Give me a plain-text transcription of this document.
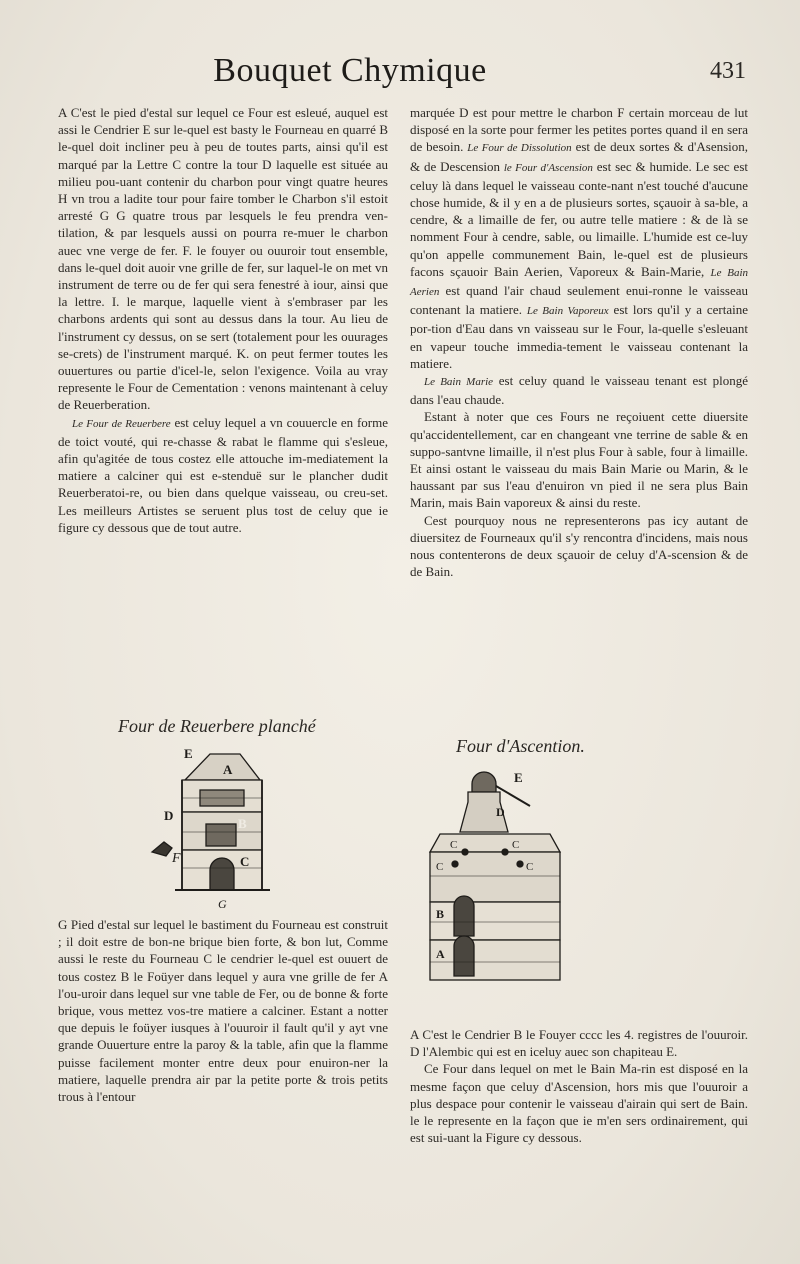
Bouquet Chymique	431

A C'est le pied d'estal sur lequel ce Four est esleué, auquel est assi le Cendrier E sur le-quel est basty le Fourneau en quarré B le-quel doit incliner peu à peu de toutes parts, ainsi qu'il est marqué par la Lettre C contre la tour D laquelle est située au milieu pou-uant contenir du charbon pour vingt quatre heures H vn trou a ladite tour pour faire tomber le Charbon s'il estoit arresté G G quatre trous par lesquels le feu prendra ven-tilation, & par lesquels aussi on pourra re-muer le charbon auec vne verge de fer. F. le fouyer ou ouuroir tout ensemble, dans le-quel doit auoir vne grille de fer, sur laquel-le on met vn instrument de terre ou de fer qui sera fenestré à iour, ainsi que la lettre. I. le marque, laquelle vient à s'embraser par les charbons ardents qui sont au dessus dans la tour. Au lieu de l'instrument cy dessus, on se sert (totalement pour les ouurages se-crets) de l'instrument marqué. K. on peut fermer toutes les ouuertures ou partie d'icel-le, selon l'exigence. Voila au vray represente le Four de Cementation : venons maintenant à celuy de Reuerberation.

Le Four de Reuerbere est celuy lequel a vn couuercle en forme de toict vouté, qui re-chasse & rabat le flamme qui s'esleue, afin qu'agitée de tous costez elle attouche im-mediatement la matiere a calciner qui est e-stenduë sur le plancher dudit Reuerberatoi-re, ou bien dans quelque vaisseau, ou creu-set. Les meilleurs Artistes se seruent plus tost de celuy que ie figure cy dessous que de tout autre.

marquée D est pour mettre le charbon F certain morceau de lut disposé en la sorte pour fermer les petites portes quand il en sera de besoin. Le Four de Dissolution est de deux sortes & d'Asension, & de Descension le Four d'Ascension est sec & humide. Le sec est celuy là dans lequel le vaisseau conte-nant n'est touché d'aucune chose humide, & il y en a de plusieurs sortes, sçauoir à sa-ble, a cendre, & a limaille de fer, ou autre telle matiere : & de là se nomment Four à cendre, sable, ou limaille. L'humide est ce-luy qu'on appelle communement Bain, le-quel est de plusieurs facons sçauoir Bain Aerien, Vaporeux & Bain-Marie, Le Bain Aerien est quand l'air chaud seulement enui-ronne le vaisseau contenant la matiere. Le Bain Vaporeux est lors qu'il y a certaine por-tion d'Eau dans vn vaisseau sur le Four, la-quelle s'esleuant en vapeur touche immedia-tement le vaisseau contenant la matiere.

Le Bain Marie est celuy quand le vaisseau tenant est plongé dans l'eau chaude.

Estant à noter que ces Fours ne reçoiuent cette diuersite qu'accidentellement, car en changeant vne terrine de sable & en suppo-santvne limaille, il n'est plus Four à sable, four à limaille. Et ainsi ostant le vaisseau du mais Bain Marie ou Marin, & le haussant par sus l'eau d'enuiron vn pied il ne sera plus Bain Marin, mais Bain vaporeux & ainsi du reste.

Cest pourquoy nous ne representerons pas icy autant de diuersitez de Fourneaux qu'il s'y rencontra d'incidens, mais nous nous contenterons de deux sçauoir de celuy d'A-scension & de de Bain.

Four de Reuerbere planché
Four d'Ascention.
E
A
D
B
C
F
G
E
D
C	C
C	C
B
A

G Pied d'estal sur lequel le bastiment du Fourneau est construit ; il doit estre de bon-ne brique bien forte, & bon lut, Comme aussi le reste du Fourneau C le cendrier le-quel est ouuert de tous costez B le Foüyer dans lequel y aura vne grille de fer A l'ou-uroir dans lequel sur vne table de Fer, ou de bonne & forte brique, vous mettez vos-tre matiere a calciner. Estant a notter que depuis le foüyer iusques à l'ouuroir il fault qu'il y ayt vne grande Ouuerture entre la paroy & la table, afin que la flamme puisse facilement monter entre deux pour enuiron-ner la matiere, laquelle prendra air par la petite porte & trois petits trous à l'entour

A C'est le Cendrier B le Fouyer cccc les 4. registres de l'ouuroir. D l'Alembic qui est en iceluy auec son chapiteau E.

Ce Four dans lequel on met le Bain Ma-rin est disposé en la mesme façon que celuy d'Ascension, hors mis que l'ouuroir a plus despace pour contenir le vaisseau d'airain qui sert de Bain. le le represente en la façon que ie m'en sers ordinairement, qui est sui-uant la Figure cy dessous.
